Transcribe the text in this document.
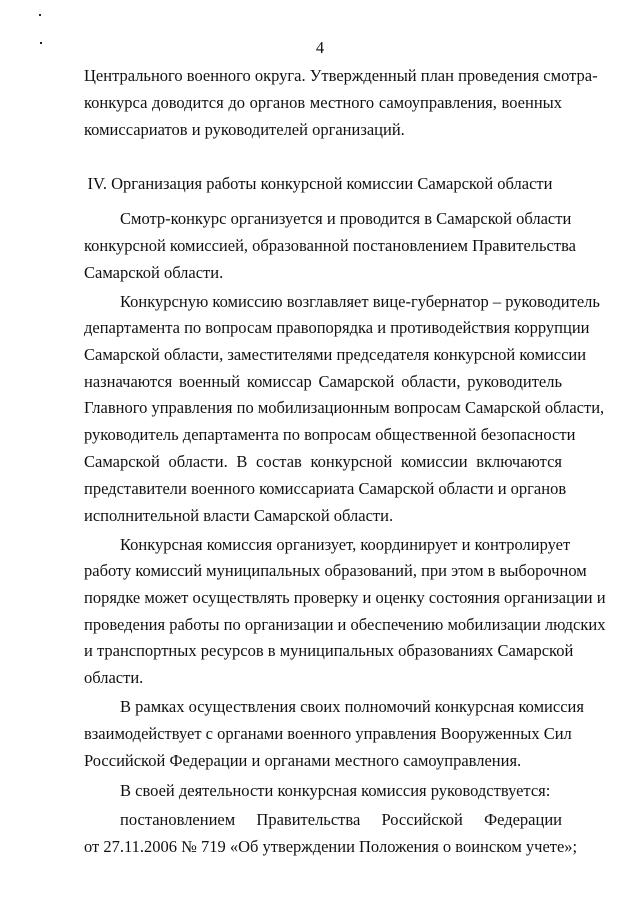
4
Центрального военного округа. Утвержденный план проведения смотра-
конкурса доводится до органов местного самоуправления, военных
комиссариатов и руководителей организаций.
IV. Организация работы конкурсной комиссии Самарской области
Смотр-конкурс организуется и проводится в Самарской области
конкурсной комиссией, образованной постановлением Правительства
Самарской области.
Конкурсную комиссию возглавляет вице-губернатор – руководитель
департамента по вопросам правопорядка и противодействия коррупции
Самарской области, заместителями председателя конкурсной комиссии
назначаются военный комиссар Самарской области, руководитель
Главного управления по мобилизационным вопросам Самарской области,
руководитель департамента по вопросам общественной безопасности
Самарской области. В состав конкурсной комиссии включаются
представители военного комиссариата Самарской области и органов
исполнительной власти Самарской области.
Конкурсная комиссия организует, координирует и контролирует
работу комиссий муниципальных образований, при этом в выборочном
порядке может осуществлять проверку и оценку состояния организации и
проведения работы по организации и обеспечению мобилизации людских
и транспортных ресурсов в муниципальных образованиях Самарской
области.
В рамках осуществления своих полномочий конкурсная комиссия
взаимодействует с органами военного управления Вооруженных Сил
Российской Федерации и органами местного самоуправления.
В своей деятельности конкурсная комиссия руководствуется:
постановлением Правительства Российской Федерации
от 27.11.2006 № 719 «Об утверждении Положения о воинском учете»;
